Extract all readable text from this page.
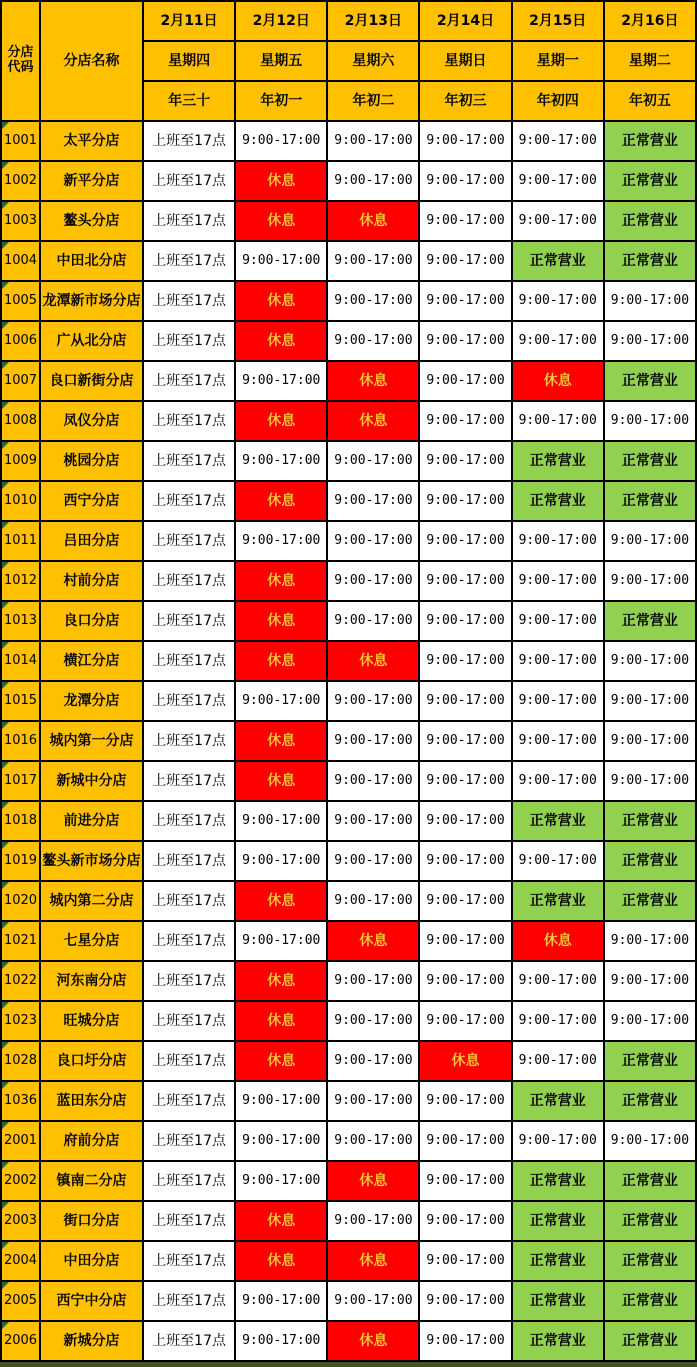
分店代码	分店名称	2月11日	2月12日	2月13日	2月14日	2月15日	2月16日
		星期四	星期五	星期六	星期日	星期一	星期二
		年三十	年初一	年初二	年初三	年初四	年初五

1001	太平分店	上班至17点	9:00-17:00	9:00-17:00	9:00-17:00	9:00-17:00	正常营业

1002	新平分店	上班至17点	休息	9:00-17:00	9:00-17:00	9:00-17:00	正常营业

1003	鳌头分店	上班至17点	休息	休息	9:00-17:00	9:00-17:00	正常营业

1004	中田北分店	上班至17点	9:00-17:00	9:00-17:00	9:00-17:00	正常营业	正常营业

1005	龙潭新市场分店	上班至17点	休息	9:00-17:00	9:00-17:00	9:00-17:00	9:00-17:00

1006	广从北分店	上班至17点	休息	9:00-17:00	9:00-17:00	9:00-17:00	9:00-17:00

1007	良口新街分店	上班至17点	9:00-17:00	休息	9:00-17:00	休息	正常营业

1008	凤仪分店	上班至17点	休息	休息	9:00-17:00	9:00-17:00	9:00-17:00

1009	桃园分店	上班至17点	9:00-17:00	9:00-17:00	9:00-17:00	正常营业	正常营业

1010	西宁分店	上班至17点	休息	9:00-17:00	9:00-17:00	正常营业	正常营业

1011	吕田分店	上班至17点	9:00-17:00	9:00-17:00	9:00-17:00	9:00-17:00	9:00-17:00

1012	村前分店	上班至17点	休息	9:00-17:00	9:00-17:00	9:00-17:00	9:00-17:00

1013	良口分店	上班至17点	休息	9:00-17:00	9:00-17:00	9:00-17:00	正常营业

1014	横江分店	上班至17点	休息	休息	9:00-17:00	9:00-17:00	9:00-17:00

1015	龙潭分店	上班至17点	9:00-17:00	9:00-17:00	9:00-17:00	9:00-17:00	9:00-17:00

1016	城内第一分店	上班至17点	休息	9:00-17:00	9:00-17:00	9:00-17:00	9:00-17:00

1017	新城中分店	上班至17点	休息	9:00-17:00	9:00-17:00	9:00-17:00	9:00-17:00

1018	前进分店	上班至17点	9:00-17:00	9:00-17:00	9:00-17:00	正常营业	正常营业

1019	鳌头新市场分店	上班至17点	9:00-17:00	9:00-17:00	9:00-17:00	9:00-17:00	正常营业

1020	城内第二分店	上班至17点	休息	9:00-17:00	9:00-17:00	正常营业	正常营业

1021	七星分店	上班至17点	9:00-17:00	休息	9:00-17:00	休息	9:00-17:00

1022	河东南分店	上班至17点	休息	9:00-17:00	9:00-17:00	9:00-17:00	9:00-17:00

1023	旺城分店	上班至17点	休息	9:00-17:00	9:00-17:00	9:00-17:00	9:00-17:00

1028	良口圩分店	上班至17点	休息	9:00-17:00	休息	9:00-17:00	正常营业

1036	蓝田东分店	上班至17点	9:00-17:00	9:00-17:00	9:00-17:00	正常营业	正常营业

2001	府前分店	上班至17点	9:00-17:00	9:00-17:00	9:00-17:00	9:00-17:00	9:00-17:00

2002	镇南二分店	上班至17点	9:00-17:00	休息	9:00-17:00	正常营业	正常营业

2003	街口分店	上班至17点	休息	9:00-17:00	9:00-17:00	正常营业	正常营业

2004	中田分店	上班至17点	休息	休息	9:00-17:00	正常营业	正常营业

2005	西宁中分店	上班至17点	9:00-17:00	9:00-17:00	9:00-17:00	正常营业	正常营业

2006	新城分店	上班至17点	9:00-17:00	休息	9:00-17:00	正常营业	正常营业
